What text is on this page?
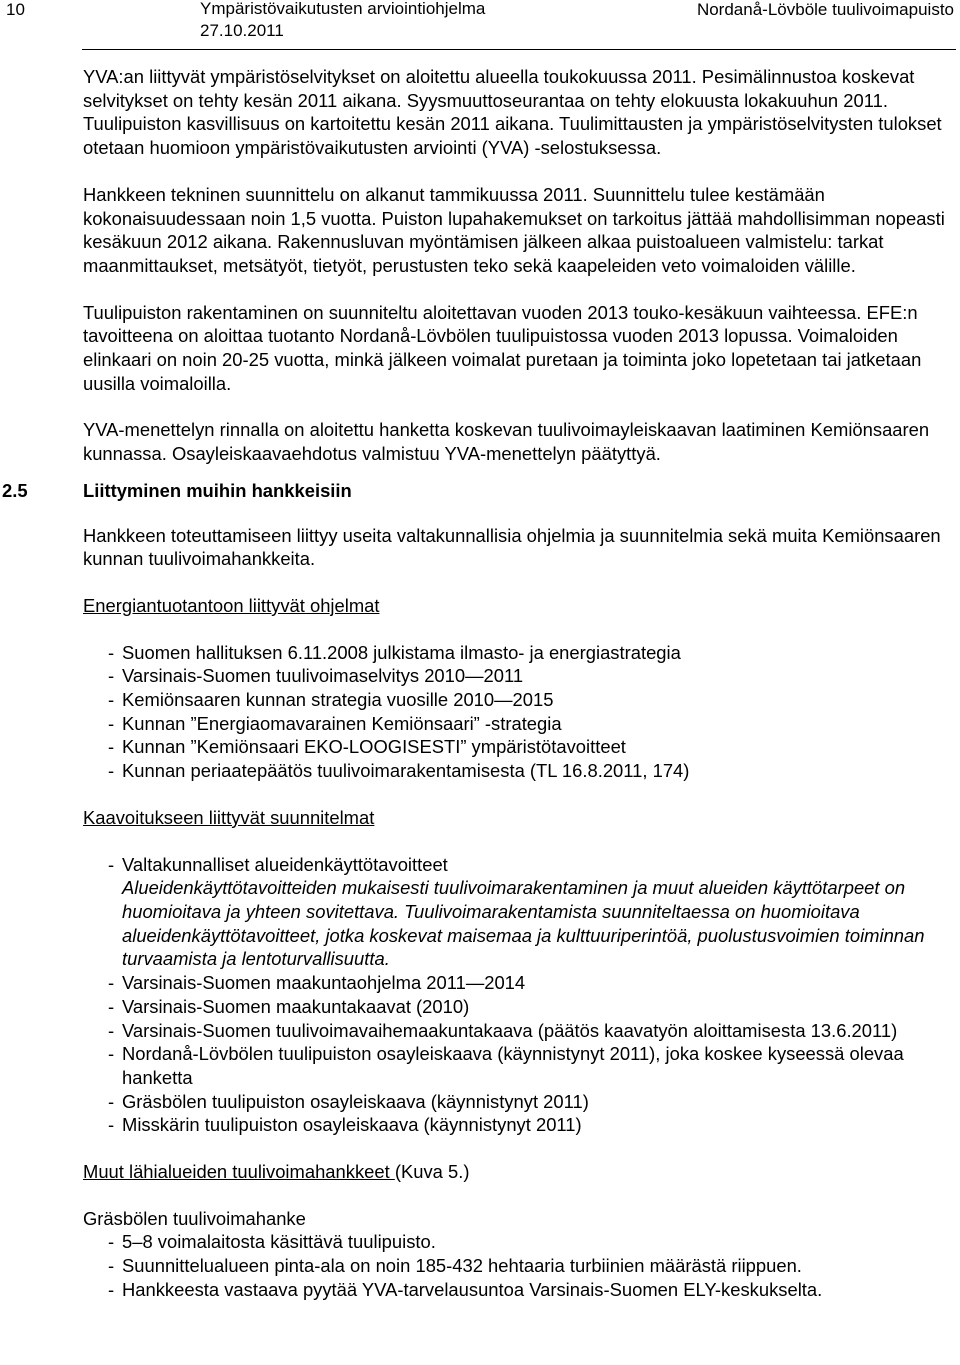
10	Ympäristövaikutusten arviointiohjelma
27.10.2011
Nordanå-Lövböle tuulivoimapuisto

YVA:an liittyvät ympäristöselvitykset on aloitettu alueella toukokuussa 2011. Pesimälinnustoa koskevat selvitykset on tehty kesän 2011 aikana. Syysmuuttoseurantaa on tehty elokuusta lokakuuhun 2011. Tuulipuiston kasvillisuus on kartoitettu kesän 2011 aikana. Tuulimittausten ja ympäristöselvitysten tulokset otetaan huomioon ympäristövaikutusten arviointi (YVA) -selostuksessa.

Hankkeen tekninen suunnittelu on alkanut tammikuussa 2011. Suunnittelu tulee kestämään kokonaisuudessaan noin 1,5 vuotta. Puiston lupahakemukset on tarkoitus jättää mahdollisimman nopeasti kesäkuun 2012 aikana. Rakennusluvan myöntämisen jälkeen alkaa puistoalueen valmistelu: tarkat maanmittaukset, metsätyöt, tietyöt, perustusten teko sekä kaapeleiden veto voimaloiden välille.

Tuulipuiston rakentaminen on suunniteltu aloitettavan vuoden 2013 touko-kesäkuun vaihteessa. EFE:n tavoitteena on aloittaa tuotanto Nordanå-Lövbölen tuulipuistossa vuoden 2013 lopussa. Voimaloiden elinkaari on noin 20-25 vuotta, minkä jälkeen voimalat puretaan ja toiminta joko lopetetaan tai jatketaan uusilla voimaloilla.

YVA-menettelyn rinnalla on aloitettu hanketta koskevan tuulivoimayleiskaavan laatiminen Kemiönsaaren kunnassa. Osayleiskaavaehdotus valmistuu YVA-menettelyn päätyttyä.

2.5	Liittyminen muihin hankkeisiin

Hankkeen toteuttamiseen liittyy useita valtakunnallisia ohjelmia ja suunnitelmia sekä muita Kemiönsaaren kunnan tuulivoimahankkeita.

Energiantuotantoon liittyvät ohjelmat
- Suomen hallituksen 6.11.2008 julkistama ilmasto- ja energiastrategia
- Varsinais-Suomen tuulivoimaselvitys 2010—2011
- Kemiönsaaren kunnan strategia vuosille 2010—2015
- Kunnan ”Energiaomavarainen Kemiönsaari” -strategia
- Kunnan ”Kemiönsaari EKO-LOOGISESTI” ympäristötavoitteet
- Kunnan periaatepäätös tuulivoimarakentamisesta (TL 16.8.2011, 174)
Kaavoitukseen liittyvät suunnitelmat
- Valtakunnalliset alueidenkäyttötavoitteet
Alueidenkäyttötavoitteiden mukaisesti tuulivoimarakentaminen ja muut alueiden käyttötarpeet on huomioitava ja yhteen sovitettava. Tuulivoimarakentamista suunniteltaessa on huomioitava alueidenkäyttötavoitteet, jotka koskevat maisemaa ja kulttuuriperintöä, puolustusvoimien toiminnan turvaamista ja lentoturvallisuutta.
- Varsinais-Suomen maakuntaohjelma 2011—2014
- Varsinais-Suomen maakuntakaavat (2010)
- Varsinais-Suomen tuulivoimavaihemaakuntakaava (päätös kaavatyön aloittamisesta 13.6.2011)
- Nordanå-Lövbölen tuulipuiston osayleiskaava (käynnistynyt 2011), joka koskee kyseessä olevaa hanketta
- Gräsbölen tuulipuiston osayleiskaava (käynnistynyt 2011)
- Misskärin tuulipuiston osayleiskaava (käynnistynyt 2011)
Muut lähialueiden tuulivoimahankkeet (Kuva 5.)
Gräsbölen tuulivoimahanke
- 5–8 voimalaitosta käsittävä tuulipuisto.
- Suunnittelualueen pinta-ala on noin 185-432 hehtaaria turbiinien määrästä riippuen.
- Hankkeesta vastaava pyytää YVA-tarvelausuntoa Varsinais-Suomen ELY-keskukselta.
